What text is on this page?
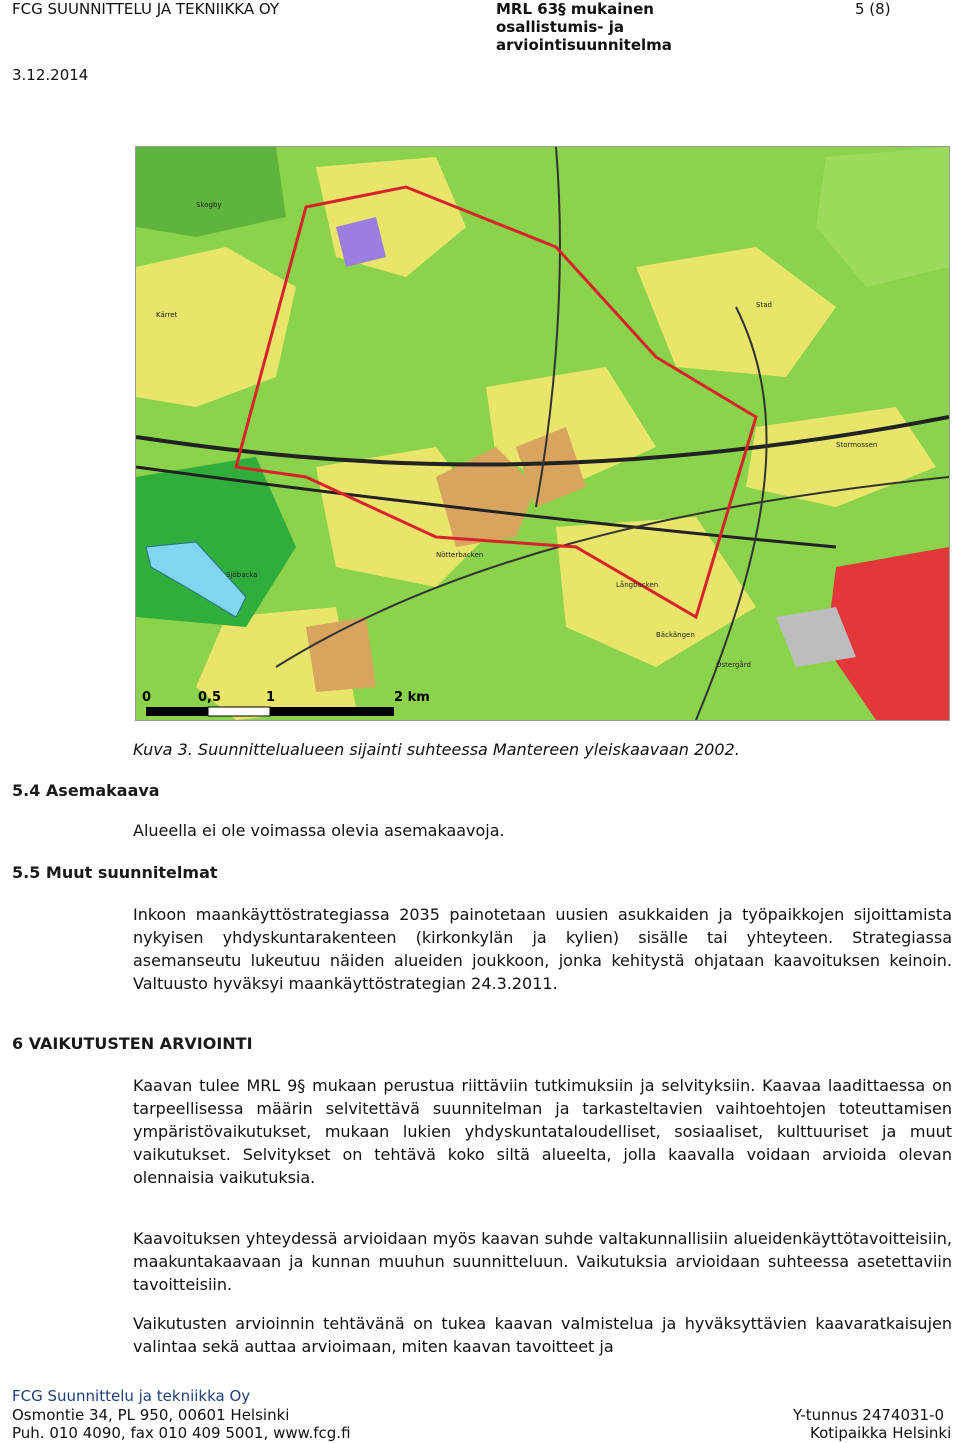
FCG SUUNNITTELU JA TEKNIIKKA OY
3.12.2014
MRL 63§ mukainen
osallistumis- ja
arviointisuunnitelma
5 (8)
Kärret
Skogby
Stormossen
Nötterbacken
Bäckängen
Långbacken
Sjöbacka
Östergård
Stad
0	0,5	1	2 km
Kuva 3. Suunnittelualueen sijainti suhteessa Mantereen yleiskaavaan 2002.
5.4 Asemakaava
Alueella ei ole voimassa olevia asemakaavoja.
5.5 Muut suunnitelmat
Inkoon maankäyttöstrategiassa 2035 painotetaan uusien asukkaiden ja työpaikkojen sijoittamista nykyisen yhdyskuntarakenteen (kirkonkylän ja kylien) sisälle tai yhteyteen. Strategiassa asemanseutu lukeutuu näiden alueiden joukkoon, jonka kehitystä ohjataan kaavoituksen keinoin. Valtuusto hyväksyi maankäyttöstrategian 24.3.2011.
6 VAIKUTUSTEN ARVIOINTI
Kaavan tulee MRL 9§ mukaan perustua riittäviin tutkimuksiin ja selvityksiin. Kaavaa laadittaessa on tarpeellisessa määrin selvitettävä suunnitelman ja tarkasteltavien vaihtoehtojen toteuttamisen ympäristövaikutukset, mukaan lukien yhdyskuntataloudelliset, sosiaaliset, kulttuuriset ja muut vaikutukset. Selvitykset on tehtävä koko siltä alueelta, jolla kaavalla voidaan arvioida olevan olennaisia vaikutuksia.
Kaavoituksen yhteydessä arvioidaan myös kaavan suhde valtakunnallisiin alueidenkäyttötavoitteisiin, maakuntakaavaan ja kunnan muuhun suunnitteluun. Vaikutuksia arvioidaan suhteessa asetettaviin tavoitteisiin.
Vaikutusten arvioinnin tehtävänä on tukea kaavan valmistelua ja hyväksyttävien kaavaratkaisujen valintaa sekä auttaa arvioimaan, miten kaavan tavoitteet ja
FCG Suunnittelu ja tekniikka Oy
Osmontie 34, PL 950, 00601 Helsinki
Puh. 010 4090, fax 010 409 5001, www.fcg.fi
Y-tunnus 2474031-0
Kotipaikka Helsinki
